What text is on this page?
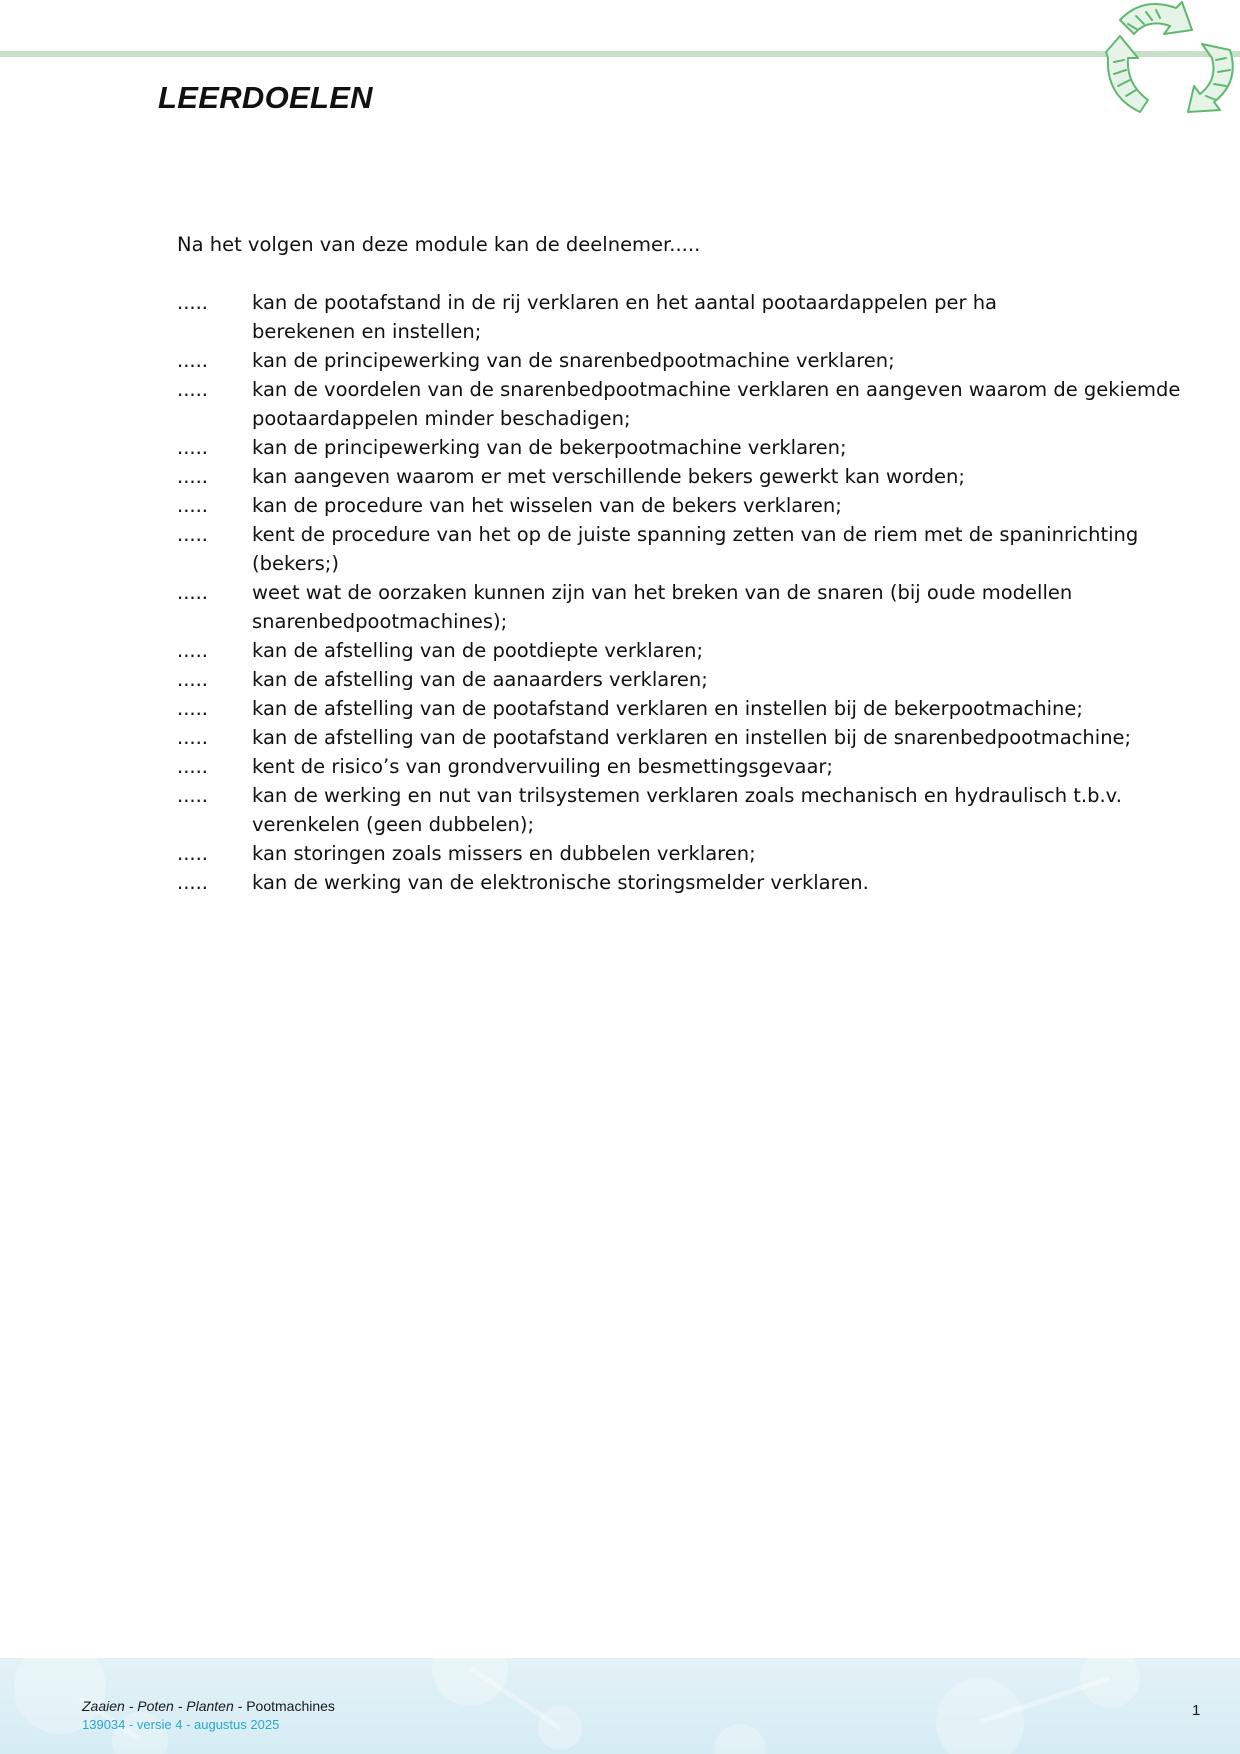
LEERDOELEN

Na het volgen van deze module kan de deelnemer.....

.....	kan de pootafstand in de rij verklaren en het aantal pootaardappelen per ha
berekenen en instellen;
.....	kan de principewerking van de snarenbedpootmachine verklaren;
.....	kan de voordelen van de snarenbedpootmachine verklaren en aangeven waarom de gekiemde pootaardappelen minder beschadigen;
.....	kan de principewerking van de bekerpootmachine verklaren;
.....	kan aangeven waarom er met verschillende bekers gewerkt kan worden;
.....	kan de procedure van het wisselen van de bekers verklaren;
.....	kent de procedure van het op de juiste spanning zetten van de riem met de spaninrichting (bekers;)
.....	weet wat de oorzaken kunnen zijn van het breken van de snaren (bij oude modellen snarenbedpootmachines);
.....	kan de afstelling van de pootdiepte verklaren;
.....	kan de afstelling van de aanaarders verklaren;
.....	kan de afstelling van de pootafstand verklaren en instellen bij de bekerpootmachine;
.....	kan de afstelling van de pootafstand verklaren en instellen bij de snarenbedpootmachine;
.....	kent de risico’s van grondvervuiling en besmettingsgevaar;
.....	kan de werking en nut van trilsystemen verklaren zoals mechanisch en hydraulisch t.b.v. verenkelen (geen dubbelen);
.....	kan storingen zoals missers en dubbelen verklaren;
.....	kan de werking van de elektronische storingsmelder verklaren.
Zaaien - Poten - Planten - Pootmachines
139034 - versie 4 - augustus 2025
1
